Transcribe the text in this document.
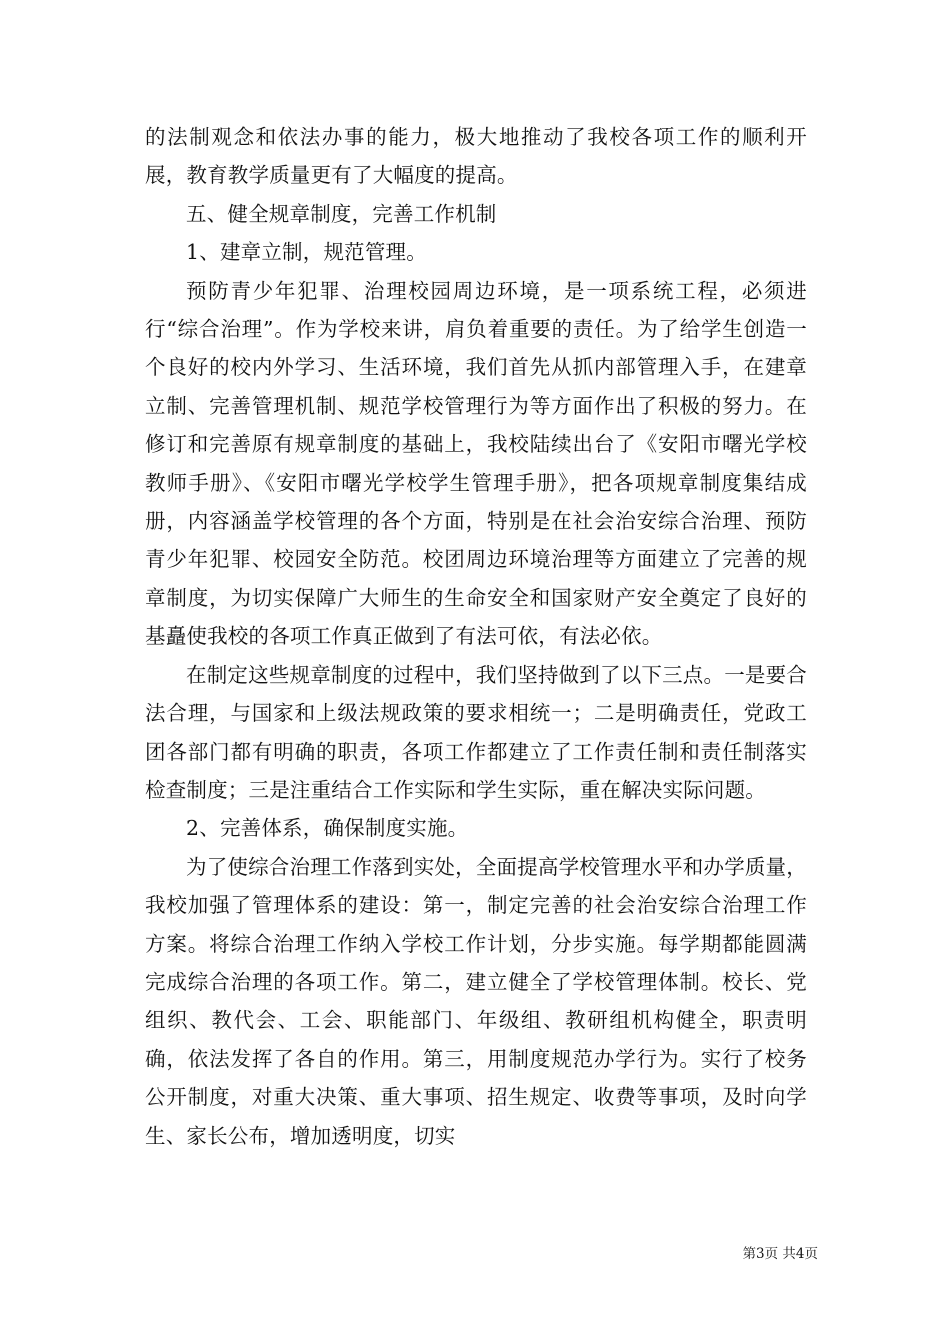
的法制观念和依法办事的能力，极大地推动了我校各项工作的顺利开展，教育教学质量更有了大幅度的提高。

五、健全规章制度，完善工作机制

1、建章立制，规范管理。

预防青少年犯罪、治理校园周边环境，是一项系统工程，必须进行“综合治理”。作为学校来讲，肩负着重要的责任。为了给学生创造一个良好的校内外学习、生活环境，我们首先从抓内部管理入手，在建章立制、完善管理机制、规范学校管理行为等方面作出了积极的努力。在修订和完善原有规章制度的基础上，我校陆续出台了《安阳市曙光学校教师手册》、《安阳市曙光学校学生管理手册》，把各项规章制度集结成册，内容涵盖学校管理的各个方面，特别是在社会治安综合治理、预防青少年犯罪、校园安全防范。校团周边环境治理等方面建立了完善的规章制度，为切实保障广大师生的生命安全和国家财产安全奠定了良好的基矗使我校的各项工作真正做到了有法可依，有法必依。

在制定这些规章制度的过程中，我们坚持做到了以下三点。一是要合法合理，与国家和上级法规政策的要求相统一；二是明确责任，党政工团各部门都有明确的职责，各项工作都建立了工作责任制和责任制落实检查制度；三是注重结合工作实际和学生实际，重在解决实际问题。

2、完善体系，确保制度实施。

为了使综合治理工作落到实处，全面提高学校管理水平和办学质量，我校加强了管理体系的建设：第一，制定完善的社会治安综合治理工作方案。将综合治理工作纳入学校工作计划，分步实施。每学期都能圆满完成综合治理的各项工作。第二，建立健全了学校管理体制。校长、党组织、教代会、工会、职能部门、年级组、教研组机构健全，职责明确，依法发挥了各自的作用。第三，用制度规范办学行为。实行了校务公开制度，对重大决策、重大事项、招生规定、收费等事项，及时向学生、家长公布，增加透明度，切实

第3页 共4页
